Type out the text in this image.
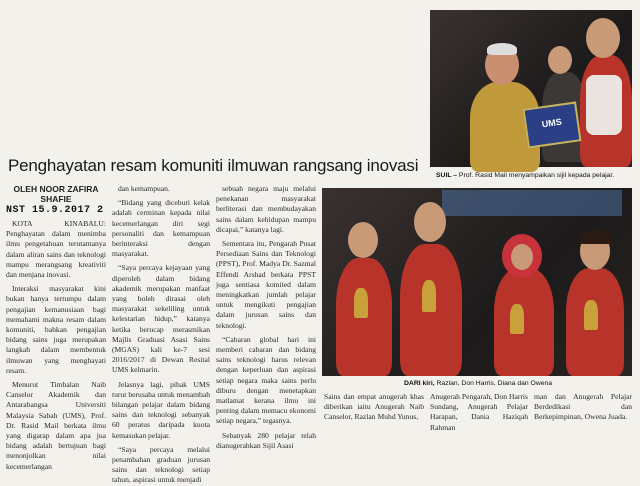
UMS
SUIL – Prof. Rasid Mail menyampaikan sijil kepada pelajar.
Penghayatan resam komuniti ilmuwan rangsang inovasi
OLEH NOOR ZAFIRA
SHAFIE
NST 15.9.2017 2

KOTA KINABALU: Penghayatan dalam menimba ilmu pengetahuan terutamanya dalam aliran sains dan teknologi mampu merangsang kreativiti dan menjana inovasi.

Interaksi masyarakat kini bukan hanya tertumpu dalam pengajian kemanusiaan bagi memahami makna resam dalam komuniti, bahkan pengajian bidang sains juga merupakan langkah dalam membentuk ilmuwan yang menghayati resam.

Menurut Timbalan Naib Canselor Akademik dan Antarabangsa Universiti Malaysia Sabah (UMS), Prof. Dr. Rasid Mail berkata ilmu yang digarap dalam apa jua bidang adalah bertujuan bagi menonjolkan nilai kecemerlangan

dan kemampuan.

“Bidang yang diceburi kelak adalah cerminan kepada nilai kecemerlangan diri segi personaliti dan kemampuan berinteraksi dengan masyarakat.

“Saya percaya kejayaan yang diperoleh dalam bidang akademik merupakan manfaat yang boleh dirasai oleh masyarakat sekeliling untuk kelestarian hidup,” katanya ketika berucap merasmikan Majlis Graduasi Asasi Sains (MGAS) kali ke-7 sesi 2016/2017 di Dewan Resital UMS kelmarin.

Jelasnya lagi, pihak UMS turut berusaha untuk menambah bilangan pelajar dalam bidang sains dan teknologi sebanyak 60 peratus daripada kuota kemasukan pelajar.

“Saya percaya melalui penambahan graduan jurusan sains dan teknologi setiap tahun, aspirasi untuk menjadi

sebuah negara maju melalui penekanan masyarakat berliterasi dan membudayakan sains dalam kehidupan mampu dicapai,” katanya lagi.

Sementara itu, Pengarah Pusat Persediaan Sains dan Teknologi (PPST), Prof. Madya Dr. Sazmal Effendi Arshad berkata PPST juga sentiasa komited dalam meningkatkan jumlah pelajar untuk mengikuti pengajian dalam jurusan sains dan teknologi.

“Cabaran global hari ini memberi cabaran dan bidang sains teknologi harus relevan dengan keperluan dan aspirasi setiap negara maka sains perlu diburu dengan menetapkan matlamat kerana ilmu ini penting dalam memacu ekonomi setiap negara,” tegasnya.

Sebanyak 280 pelajar telah dianugerahkan Sijil Asasi

DARI kiri, Razlan, Don Harris, Diana dan Owena

Sains dan empat anugerah khas diberikan iaitu Anugerah Naib Canselor, Razlan Muhd Yunus,

Anugerah Pengarah, Don Harris Sundang, Anugerah Pelajar Harapan, Dania Haziqah Rahman

man dan Anugerah Pelajar Berdedikasi dan Berkepimpinan, Owena Juada.
